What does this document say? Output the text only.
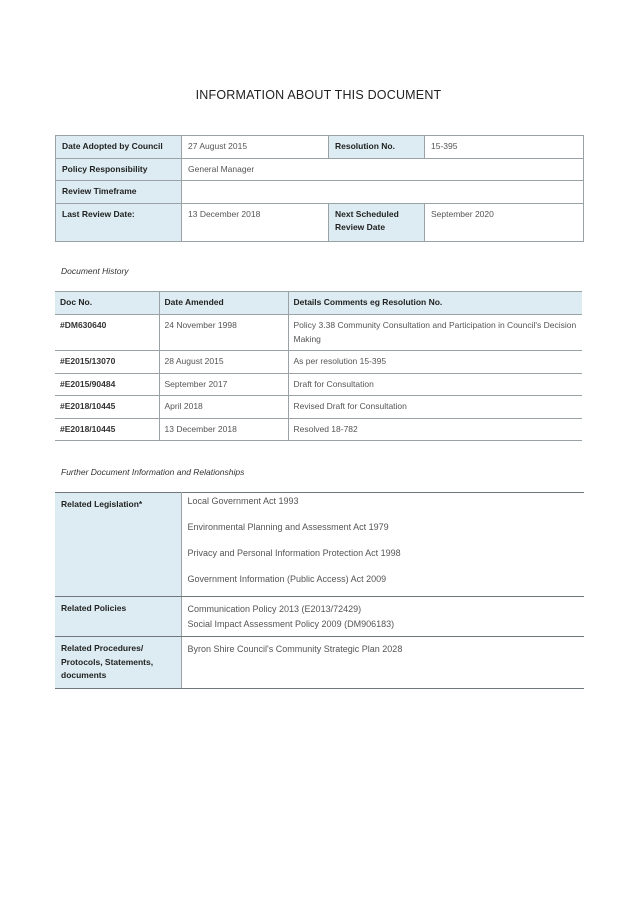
INFORMATION ABOUT THIS DOCUMENT
Date Adopted by Council	27 August 2015	Resolution No.	15-395
Policy Responsibility	General Manager		
Review Timeframe			
Last Review Date:	13 December 2018	Next Scheduled Review Date	September 2020
Document History
Doc No.	Date Amended	Details Comments eg Resolution No.
#DM630640	24 November 1998	Policy 3.38 Community Consultation and Participation in Council's Decision Making
#E2015/13070	28 August 2015	As per resolution 15-395
#E2015/90484	September 2017	Draft for Consultation
#E2018/10445	April 2018	Revised Draft for Consultation
#E2018/10445	13 December 2018	Resolved 18-782
Further Document Information and Relationships
Related Legislation*	Local Government Act 1993
Environmental Planning and Assessment Act 1979
Privacy and Personal Information Protection Act 1998
Government Information (Public Access) Act 2009

Related Policies	Communication Policy 2013 (E2013/72429)
Social Impact Assessment Policy 2009 (DM906183)

Related Procedures/ Protocols, Statements, documents	Byron Shire Council's Community Strategic Plan 2028
